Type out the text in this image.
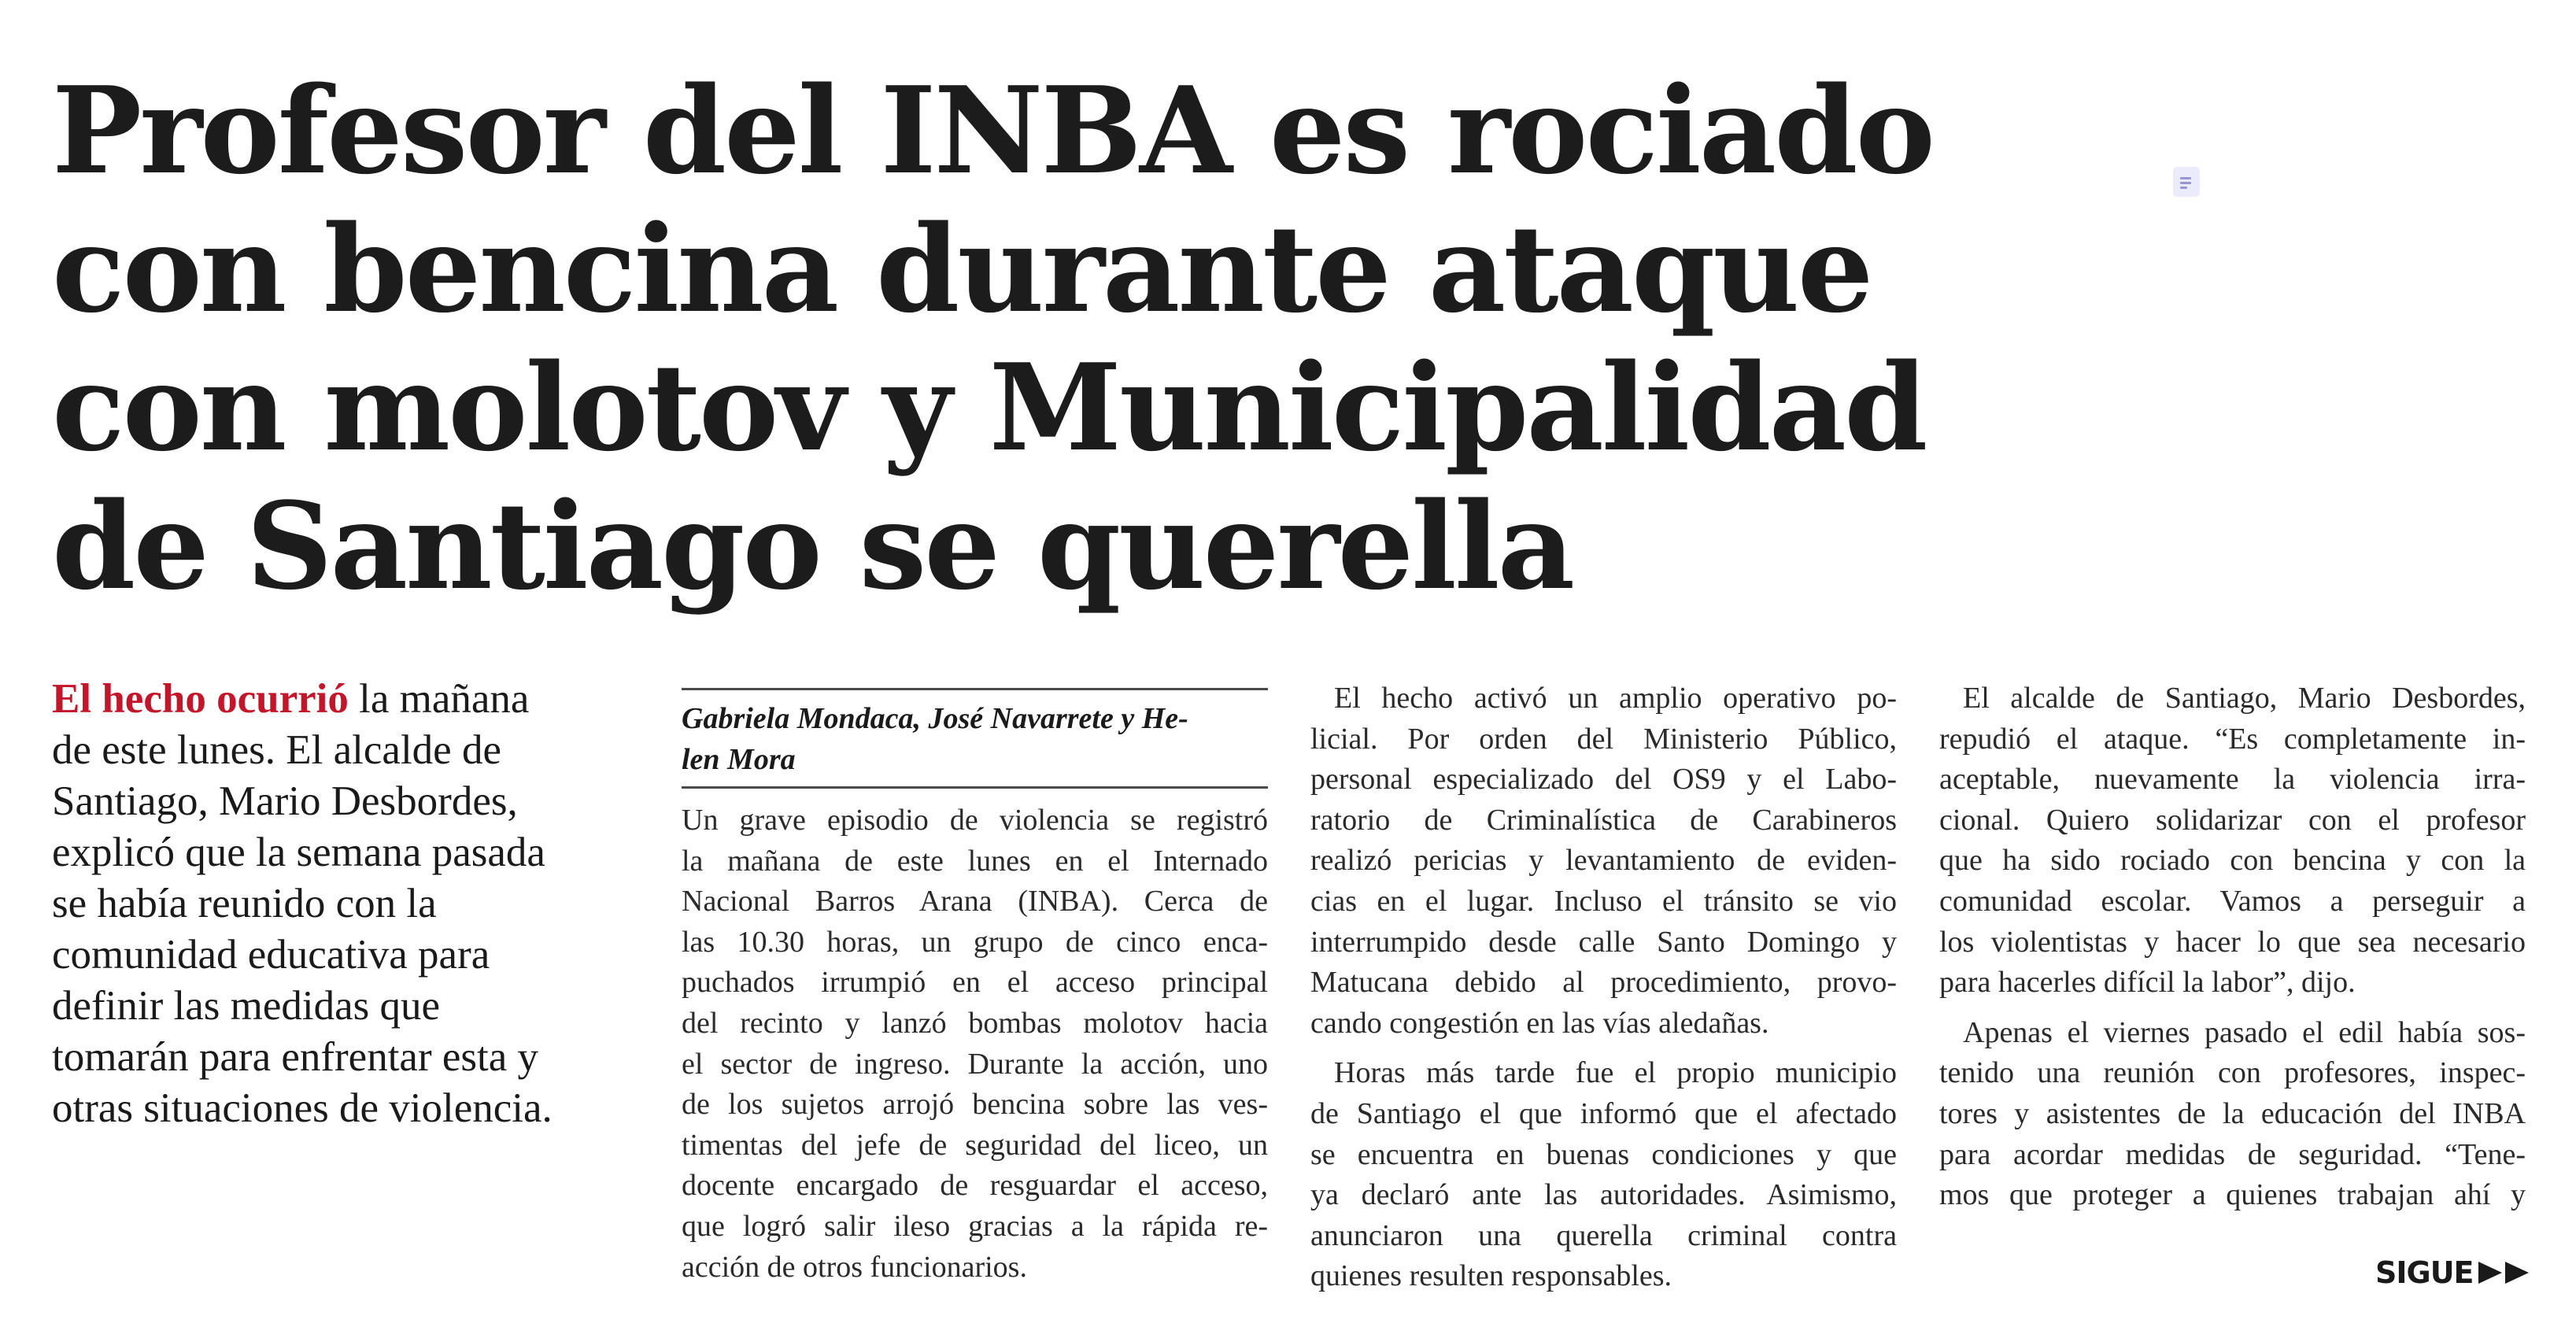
Profesor del INBA es rociado
con bencina durante ataque
con molotov y Municipalidad
de Santiago se querella

El hecho ocurrió la mañana
de este lunes. El alcalde de
Santiago, Mario Desbordes,
explicó que la semana pasada
se había reunido con la
comunidad educativa para
definir las medidas que
tomarán para enfrentar esta y
otras situaciones de violencia.

Gabriela Mondaca, José Navarrete y He-
len Mora
Un grave episodio de violencia se registró
la mañana de este lunes en el Internado
Nacional Barros Arana (INBA). Cerca de
las 10.30 horas, un grupo de cinco enca-
puchados irrumpió en el acceso principal
del recinto y lanzó bombas molotov hacia
el sector de ingreso. Durante la acción, uno
de los sujetos arrojó bencina sobre las ves-
timentas del jefe de seguridad del liceo, un
docente encargado de resguardar el acceso,
que logró salir ileso gracias a la rápida re-
acción de otros funcionarios.
El hecho activó un amplio operativo po-
licial. Por orden del Ministerio Público,
personal especializado del OS9 y el Labo-
ratorio de Criminalística de Carabineros
realizó pericias y levantamiento de eviden-
cias en el lugar. Incluso el tránsito se vio
interrumpido desde calle Santo Domingo y
Matucana debido al procedimiento, provo-
cando congestión en las vías aledañas.
Horas más tarde fue el propio municipio
de Santiago el que informó que el afectado
se encuentra en buenas condiciones y que
ya declaró ante las autoridades. Asimismo,
anunciaron una querella criminal contra
quienes resulten responsables.
El alcalde de Santiago, Mario Desbordes,
repudió el ataque. “Es completamente in-
aceptable, nuevamente la violencia irra-
cional. Quiero solidarizar con el profesor
que ha sido rociado con bencina y con la
comunidad escolar. Vamos a perseguir a
los violentistas y hacer lo que sea necesario
para hacerles difícil la labor”, dijo.
Apenas el viernes pasado el edil había sos-
tenido una reunión con profesores, inspec-
tores y asistentes de la educación del INBA
para acordar medidas de seguridad. “Tene-
mos que proteger a quienes trabajan ahí y
SIGUE
